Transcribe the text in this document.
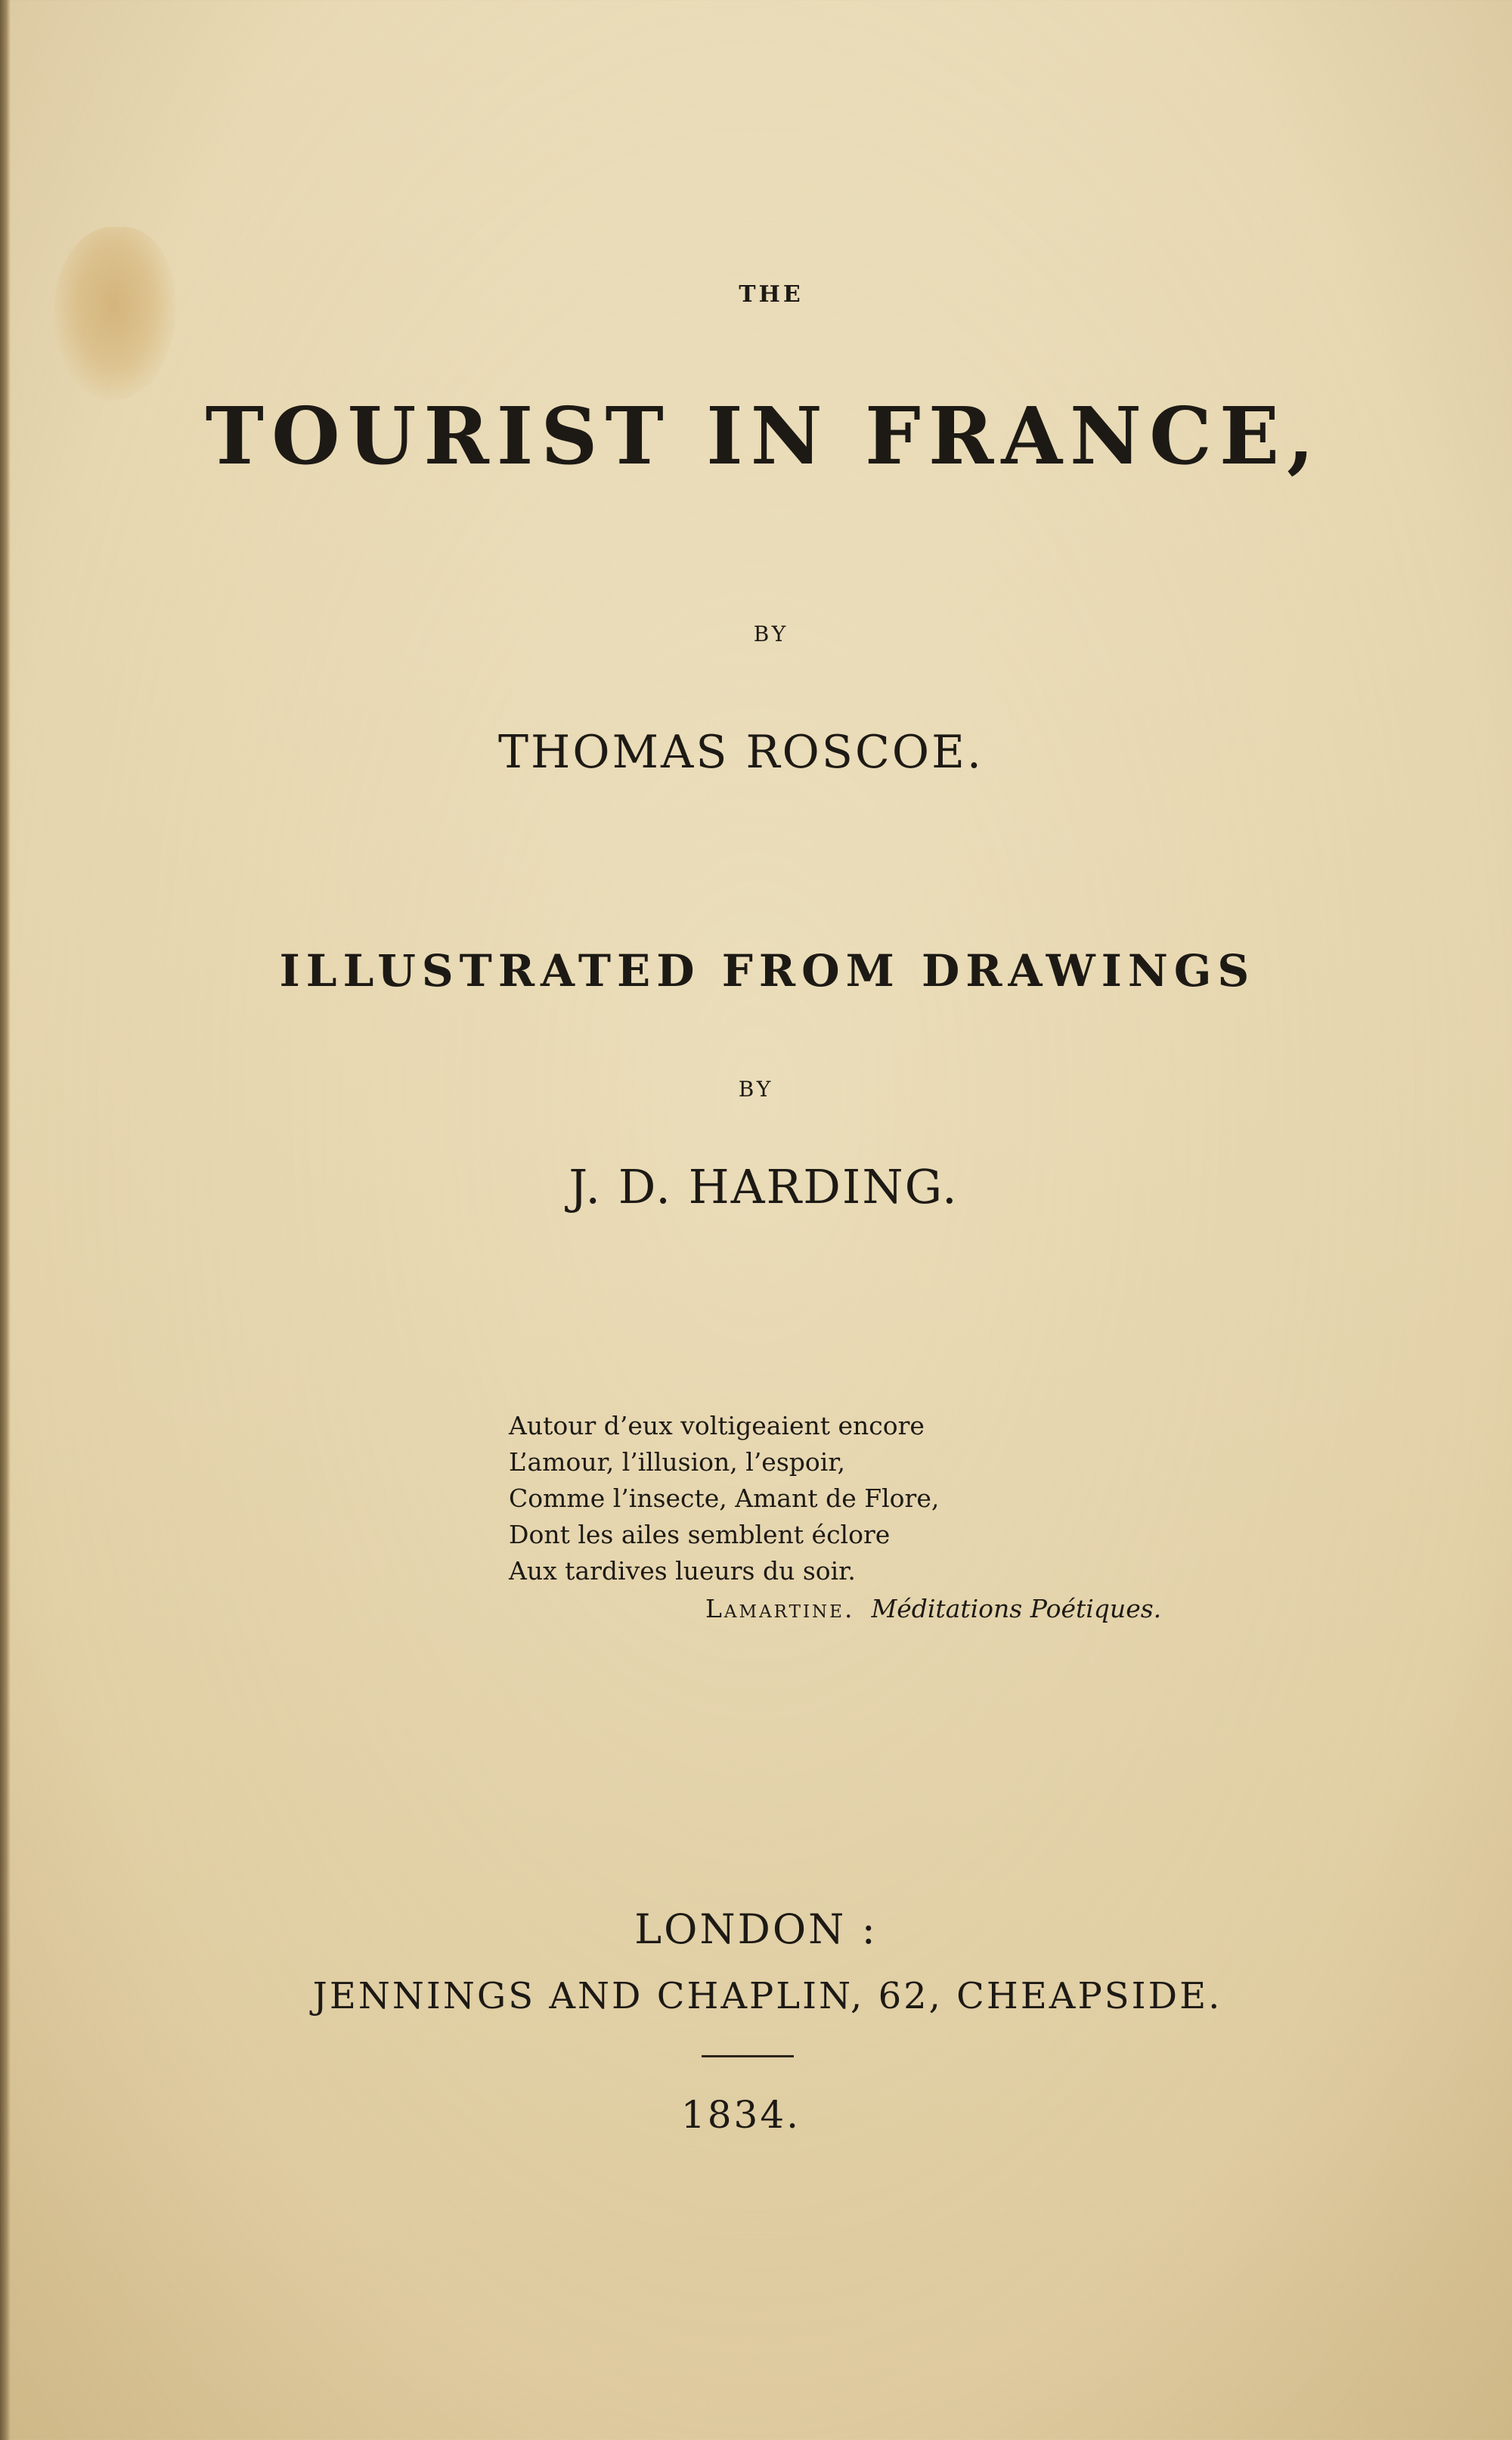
THE
TOURIST IN FRANCE,
BY
THOMAS ROSCOE.
ILLUSTRATED FROM DRAWINGS
BY
J. D. HARDING.
Autour d’eux voltigeaient encore
L’amour, l’illusion, l’espoir,
Comme l’insecte, Amant de Flore,
Dont les ailes semblent éclore
Aux tardives lueurs du soir.
Lamartine. Méditations Poétiques.
LONDON :
JENNINGS AND CHAPLIN, 62, CHEAPSIDE.
1834.
